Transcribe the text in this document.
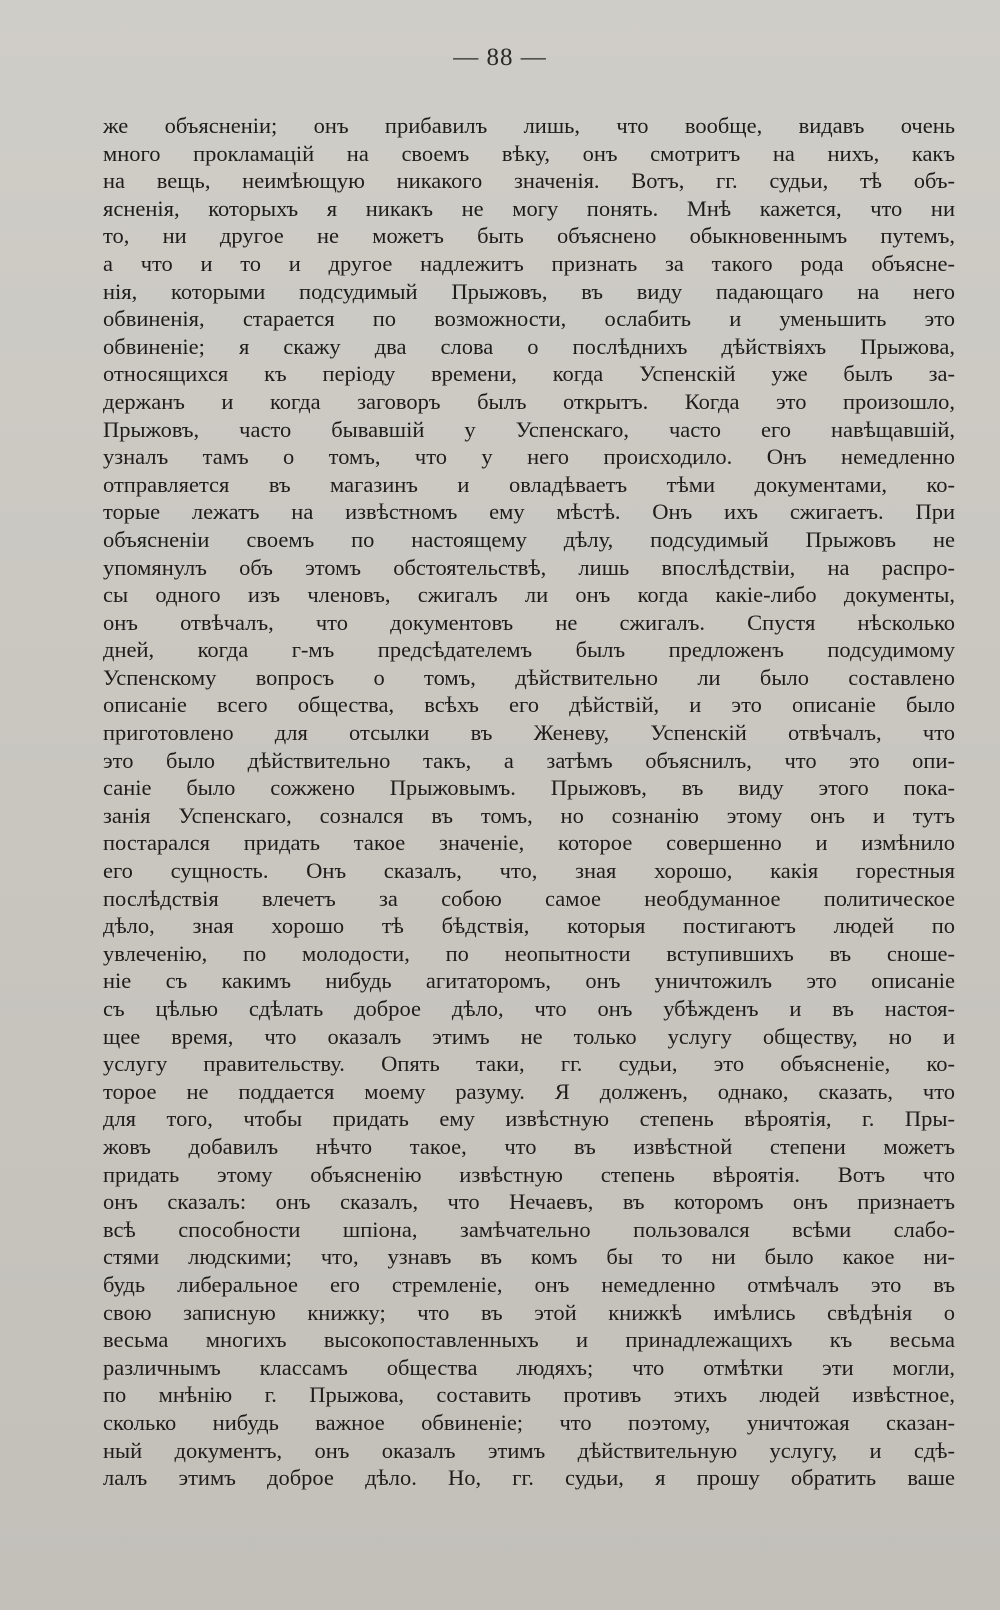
— 88 —
же объясненіи; онъ прибавилъ лишь, что вообще, видавъ очень
много прокламацій на своемъ вѣку, онъ смотритъ на нихъ, какъ
на вещь, неимѣющую никакого значенія. Вотъ, гг. судьи, тѣ объ-
ясненія, которыхъ я никакъ не могу понять. Мнѣ кажется, что ни
то, ни другое не можетъ быть объяснено обыкновеннымъ путемъ,
а что и то и другое надлежитъ признать за такого рода объясне-
нія, которыми подсудимый Прыжовъ, въ виду падающаго на него
обвиненія, старается по возможности, ослабить и уменьшить это
обвиненіе; я скажу два слова о послѣднихъ дѣйствіяхъ Прыжова,
относящихся къ періоду времени, когда Успенскій уже былъ за-
держанъ и когда заговоръ былъ открытъ. Когда это произошло,
Прыжовъ, часто бывавшій у Успенскаго, часто его навѣщавшій,
узналъ тамъ о томъ, что у него происходило. Онъ немедленно
отправляется въ магазинъ и овладѣваетъ тѣми документами, ко-
торые лежатъ на извѣстномъ ему мѣстѣ. Онъ ихъ сжигаетъ. При
объясненіи своемъ по настоящему дѣлу, подсудимый Прыжовъ не
упомянулъ объ этомъ обстоятельствѣ, лишь впослѣдствіи, на распро-
сы одного изъ членовъ, сжигалъ ли онъ когда какіе-либо документы,
онъ отвѣчалъ, что документовъ не сжигалъ. Спустя нѣсколько
дней, когда г-мъ предсѣдателемъ былъ предложенъ подсудимому
Успенскому вопросъ о томъ, дѣйствительно ли было составлено
описаніе всего общества, всѣхъ его дѣйствій, и это описаніе было
приготовлено для отсылки въ Женеву, Успенскій отвѣчалъ, что
это было дѣйствительно такъ, а затѣмъ объяснилъ, что это опи-
саніе было сожжено Прыжовымъ. Прыжовъ, въ виду этого пока-
занія Успенскаго, сознался въ томъ, но сознанію этому онъ и тутъ
постарался придать такое значеніе, которое совершенно и измѣнило
его сущность. Онъ сказалъ, что, зная хорошо, какія горестныя
послѣдствія влечетъ за собою самое необдуманное политическое
дѣло, зная хорошо тѣ бѣдствія, которыя постигаютъ людей по
увлеченію, по молодости, по неопытности вступившихъ въ сноше-
ніе съ какимъ нибудь агитаторомъ, онъ уничтожилъ это описаніе
съ цѣлью сдѣлать доброе дѣло, что онъ убѣжденъ и въ настоя-
щее время, что оказалъ этимъ не только услугу обществу, но и
услугу правительству. Опять таки, гг. судьи, это объясненіе, ко-
торое не поддается моему разуму. Я долженъ, однако, сказать, что
для того, чтобы придать ему извѣстную степень вѣроятія, г. Пры-
жовъ добавилъ нѣчто такое, что въ извѣстной степени можетъ
придать этому объясненію извѣстную степень вѣроятія. Вотъ что
онъ сказалъ: онъ сказалъ, что Нечаевъ, въ которомъ онъ признаетъ
всѣ способности шпіона, замѣчательно пользовался всѣми слабо-
стями людскими; что, узнавъ въ комъ бы то ни было какое ни-
будь либеральное его стремленіе, онъ немедленно отмѣчалъ это въ
свою записную книжку; что въ этой книжкѣ имѣлись свѣдѣнія о
весьма многихъ высокопоставленныхъ и принадлежащихъ къ весьма
различнымъ классамъ общества людяхъ; что отмѣтки эти могли,
по мнѣнію г. Прыжова, составить противъ этихъ людей извѣстное,
сколько нибудь важное обвиненіе; что поэтому, уничтожая сказан-
ный документъ, онъ оказалъ этимъ дѣйствительную услугу, и сдѣ-
лалъ этимъ доброе дѣло. Но, гг. судьи, я прошу обратить ваше
